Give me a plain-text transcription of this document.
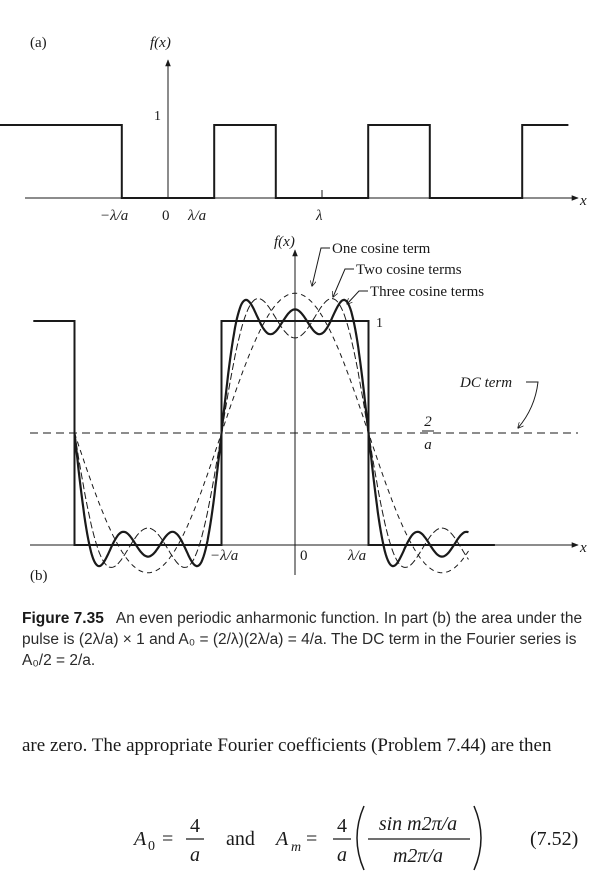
(a)	f(x)
x
1
−λ/a 0 λ/a	λ
(b)
f(x)
x
2
a
DC term
1
−λ/a	0	λ/a
One cosine term
Two cosine terms
Three cosine terms
Figure 7.35 An even periodic anharmonic function. In part (b) the area under the pulse is (2λ/a) × 1 and A₀ = (2/λ)(2λ/a) = 4/a. The DC term in the Fourier series is A₀/2 = 2/a.
are zero. The appropriate Fourier coefficients (Problem 7.44) are then
A 0 =
4
a
and A m =
4
a
sin m2π/a
m2π/a
(7.52)
